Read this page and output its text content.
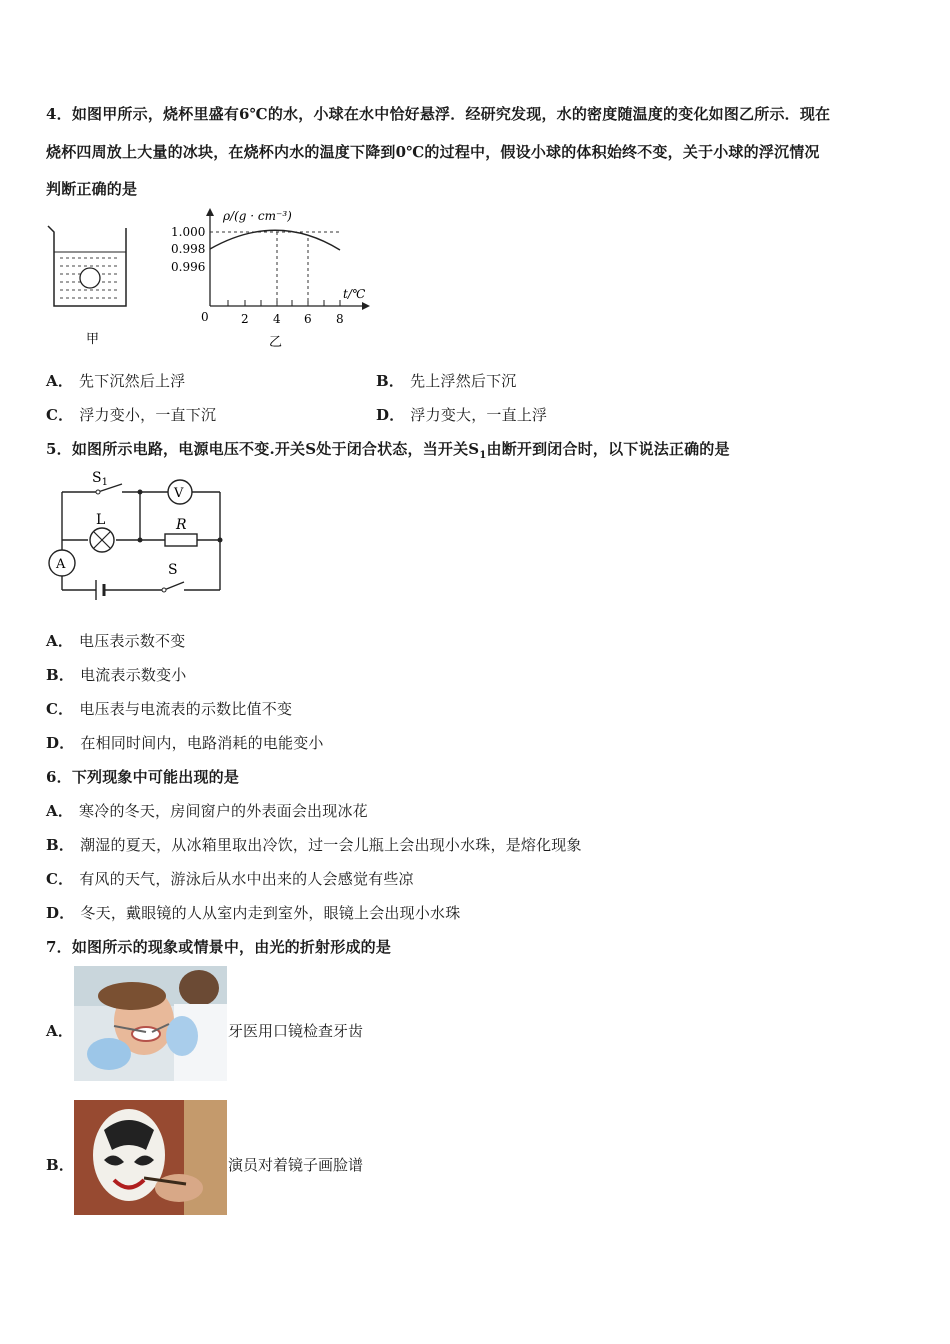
4．如图甲所示，烧杯里盛有6℃的水，小球在水中恰好悬浮．经研究发现，水的密度随温度的变化如图乙所示．现在
烧杯四周放上大量的冰块，在烧杯内水的温度下降到0℃的过程中，假设小球的体积始终不变，关于小球的浮沉情况
判断正确的是
甲
ρ/(g · cm⁻³)
t/℃
1.000
0.998
0.996
0	2 4 6 8
乙
A． 先下沉然后上浮	B． 先上浮然后下沉
C． 浮力变小，一直下沉	D． 浮力变大，一直上浮
5．如图所示电路，电源电压不变.开关S处于闭合状态，当开关$S_1$由断开到闭合时，以下说法正确的是
V
A
$S_1$
L	R
S
A． 电压表示数不变
B． 电流表示数变小
C． 电压表与电流表的示数比值不变
D． 在相同时间内，电路消耗的电能变小
6．下列现象中可能出现的是
A． 寒冷的冬天，房间窗户的外表面会出现冰花
B． 潮湿的夏天，从冰箱里取出冷饮，过一会儿瓶上会出现小水珠，是熔化现象
C． 有风的天气，游泳后从水中出来的人会感觉有些凉
D． 冬天，戴眼镜的人从室内走到室外，眼镜上会出现小水珠
7．如图所示的现象或情景中，由光的折射形成的是
A．	牙医用口镜检查牙齿
B．	演员对着镜子画脸谱
